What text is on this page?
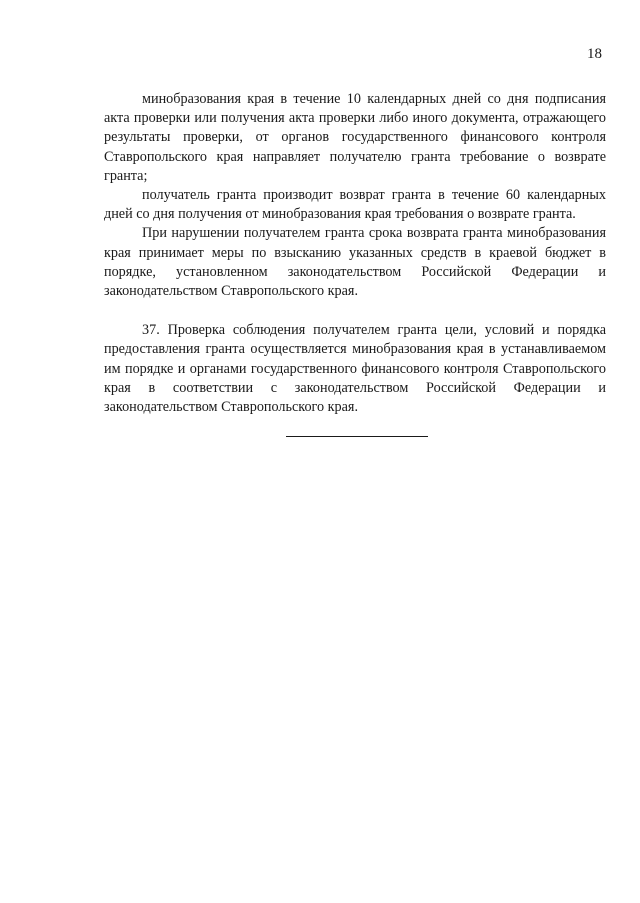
18

минобразования края в течение 10 календарных дней со дня подписания акта проверки или получения акта проверки либо иного документа, отражающего результаты проверки, от органов государственного финансового контроля Ставропольского края направляет получателю гранта требование о возврате гранта;

получатель гранта производит возврат гранта в течение 60 календарных дней со дня получения от минобразования края требования о возврате гранта.

При нарушении получателем гранта срока возврата гранта минобразования края принимает меры по взысканию указанных средств в краевой бюджет в порядке, установленном законодательством Российской Федерации и законодательством Ставропольского края.

37. Проверка соблюдения получателем гранта цели, условий и порядка предоставления гранта осуществляется минобразования края в устанавливаемом им порядке и органами государственного финансового контроля Ставропольского края в соответствии с законодательством Российской Федерации и законодательством Ставропольского края.
